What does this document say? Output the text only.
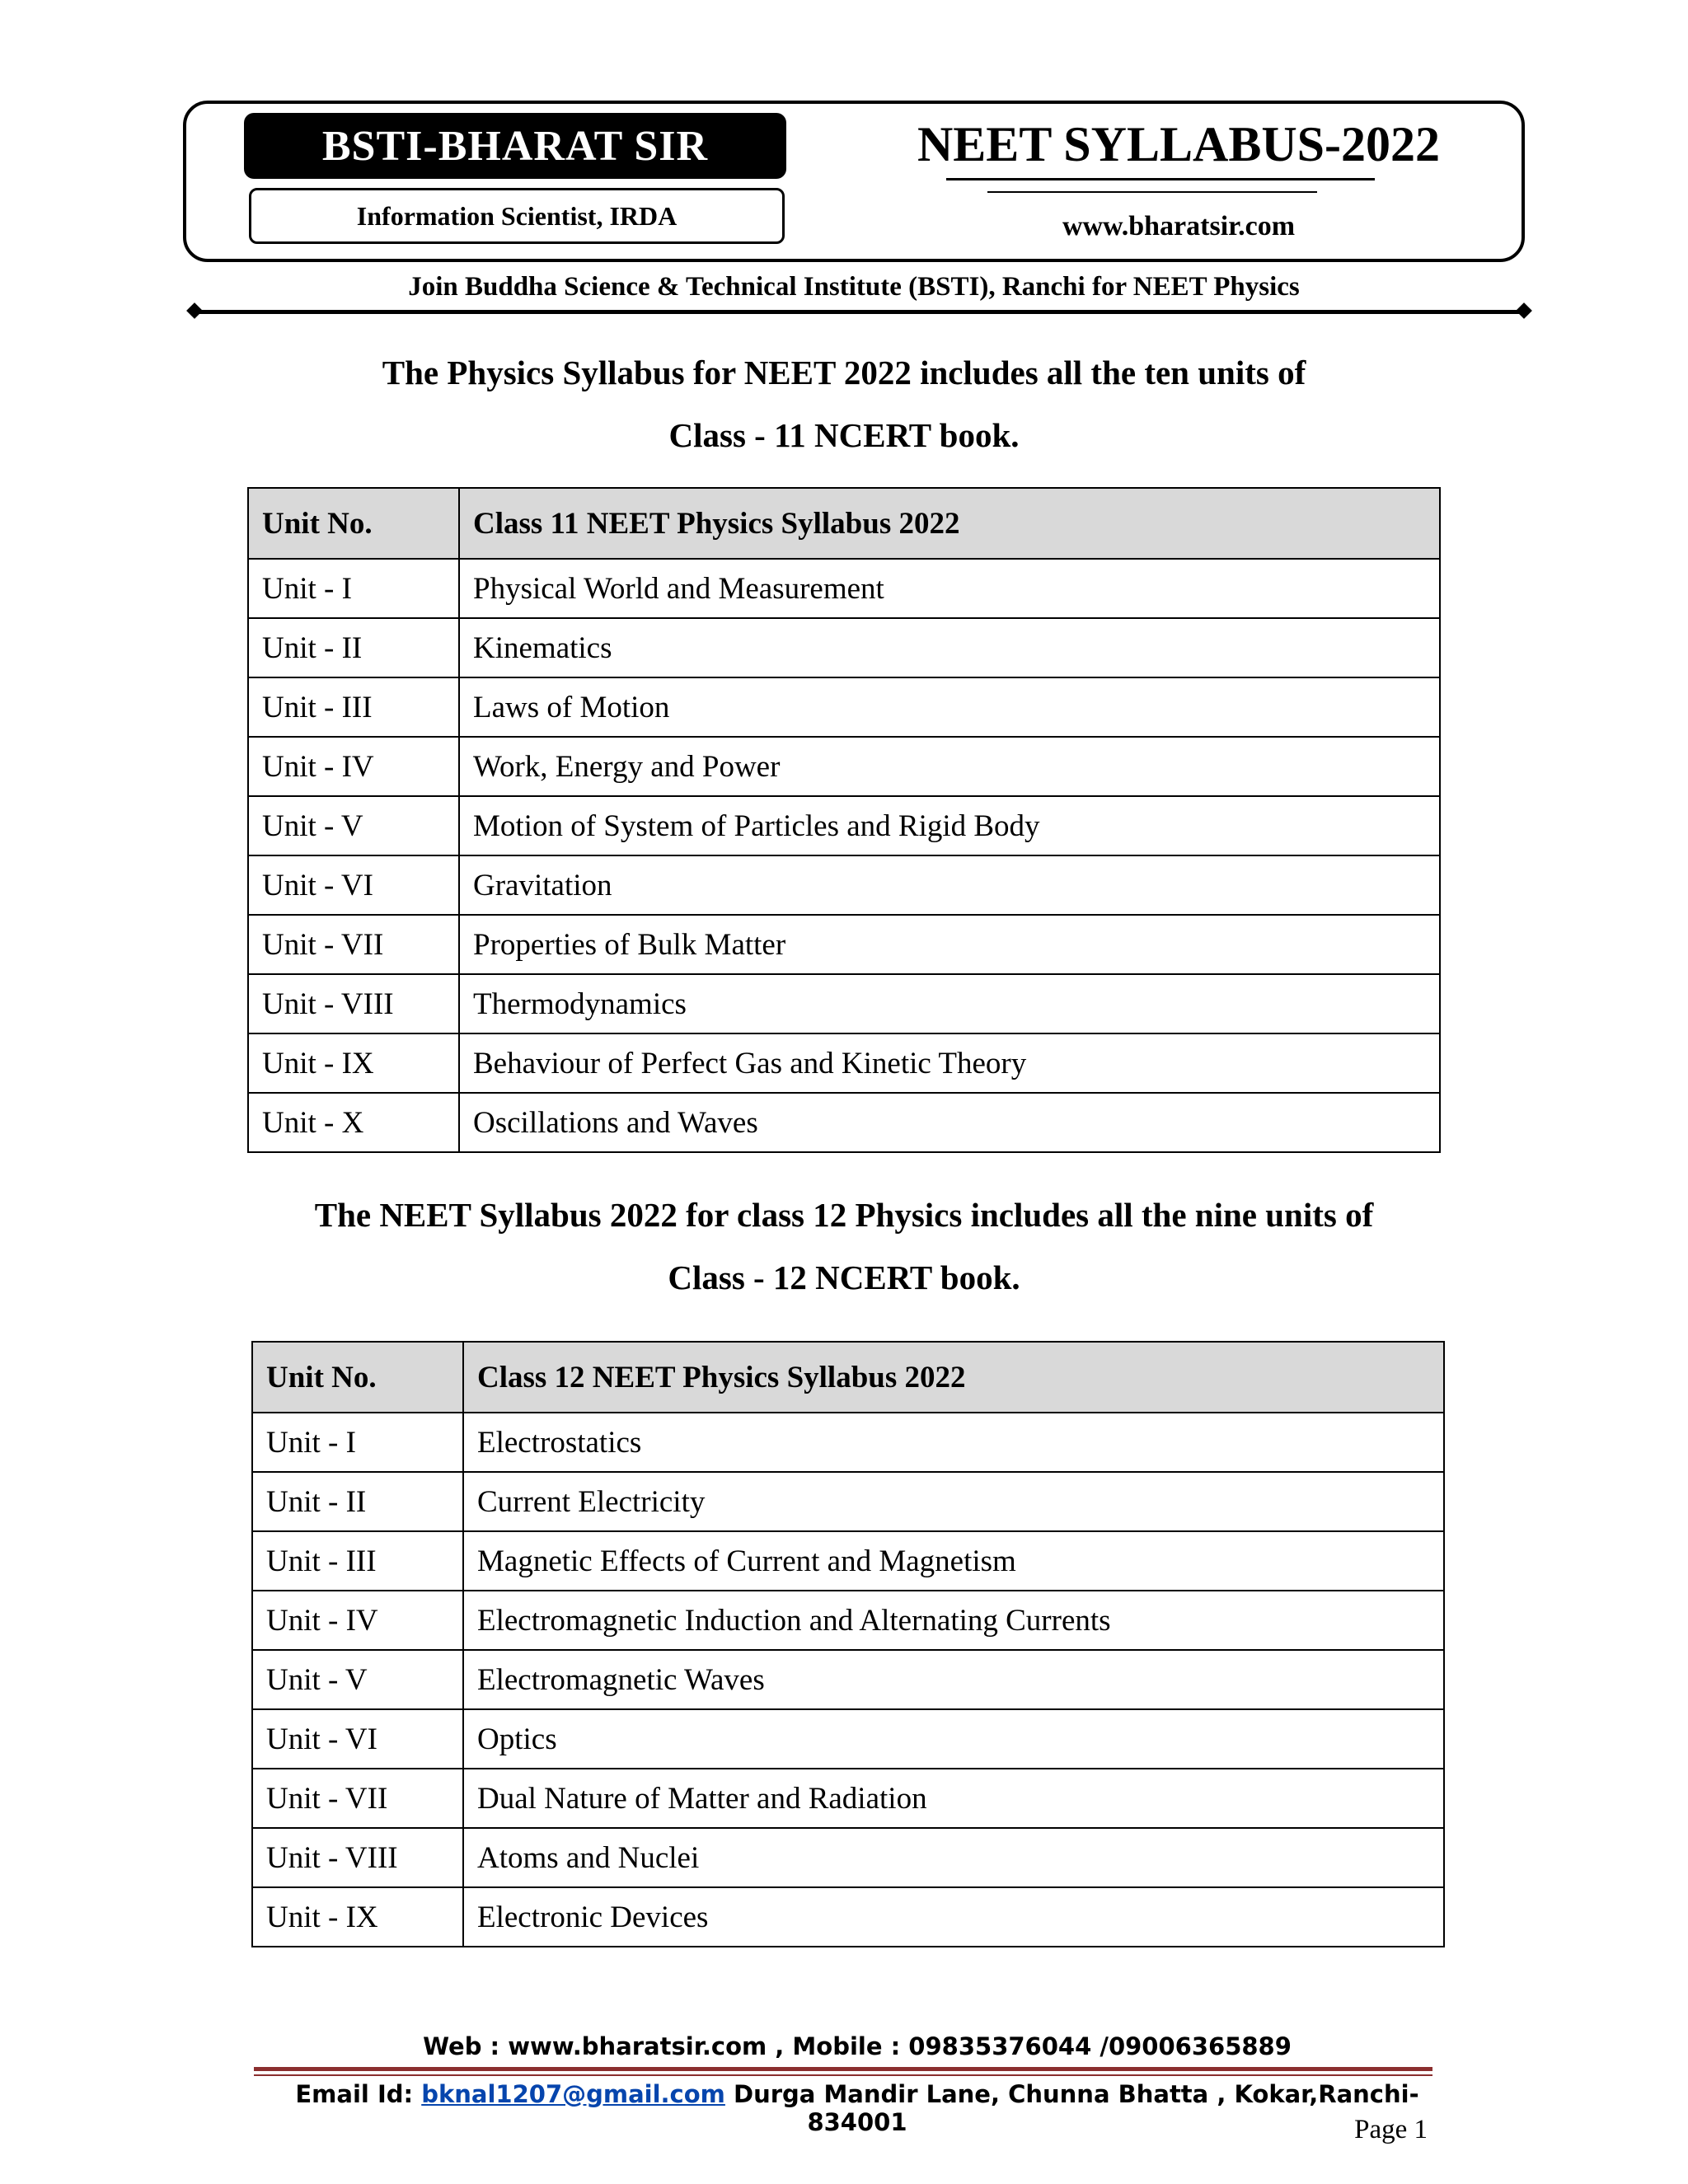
BSTI-BHARAT SIR
Information Scientist, IRDA
NEET SYLLABUS-2022
www.bharatsir.com
Join Buddha Science & Technical Institute (BSTI), Ranchi for NEET Physics
The Physics Syllabus for NEET 2022 includes all the ten units of
Class - 11 NCERT book.
Unit No.	Class 11 NEET Physics Syllabus 2022
Unit - I	Physical World and Measurement
Unit - II	Kinematics
Unit - III	Laws of Motion
Unit - IV	Work, Energy and Power
Unit - V	Motion of System of Particles and Rigid Body
Unit - VI	Gravitation
Unit - VII	Properties of Bulk Matter
Unit - VIII	Thermodynamics
Unit - IX	Behaviour of Perfect Gas and Kinetic Theory
Unit - X	Oscillations and Waves
The NEET Syllabus 2022 for class 12 Physics includes all the nine units of
Class - 12 NCERT book.
Unit No.	Class 12 NEET Physics Syllabus 2022
Unit - I	Electrostatics
Unit - II	Current Electricity
Unit - III	Magnetic Effects of Current and Magnetism
Unit - IV	Electromagnetic Induction and Alternating Currents
Unit - V	Electromagnetic Waves
Unit - VI	Optics
Unit - VII	Dual Nature of Matter and Radiation
Unit - VIII	Atoms and Nuclei
Unit - IX	Electronic Devices
Web : www.bharatsir.com , Mobile : 09835376044 /09006365889
Email Id: bknal1207@gmail.com Durga Mandir Lane, Chunna Bhatta , Kokar,Ranchi-834001	Page 1
